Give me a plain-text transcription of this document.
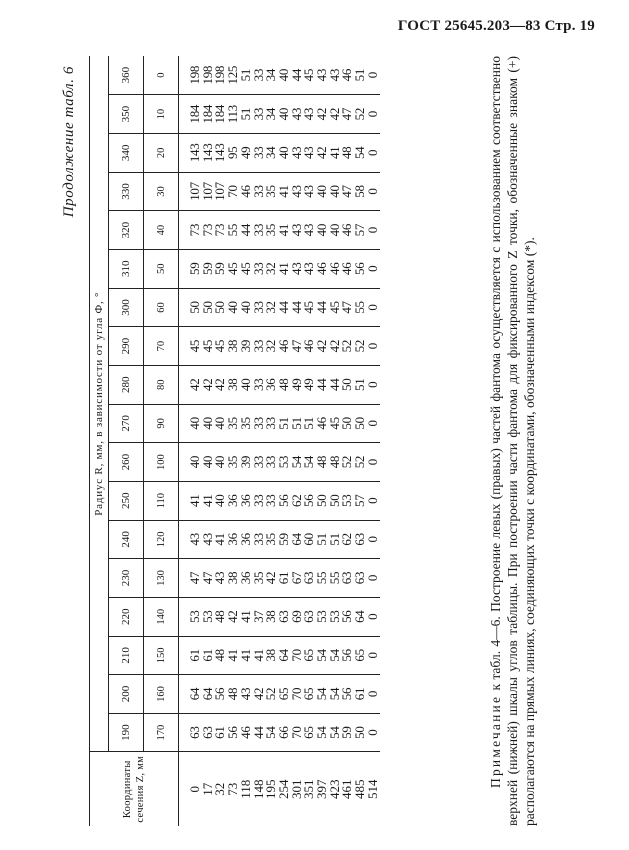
ГОСТ 25645.203—83 Стр. 19
Продолжение табл. 6
Координаты сечения Z, мм	Радиус R, мм, в зависимости от угла Ф, °																	
	190	200	210	220	230	240	250	260	270	280	290	300	310	320	330	340	350	360
	170	160	150	140	130	120	110	100	90	80	70	60	50	40	30	20	10	0
0	63	64	61	53	47	43	41	40	40	42	45	50	59	73	107	143	184	198
17	63	64	61	53	47	43	41	40	40	42	45	50	59	73	107	143	184	198
32	61	56	48	48	43	41	40	40	40	42	45	50	59	73	107	143	184	198
73	56	48	41	42	38	36	36	35	35	38	38	40	45	55	70	95	113	125
118	46	43	41	41	36	36	36	39	35	40	39	40	45	44	46	49	51	51
148	44	42	41	37	35	33	33	33	33	33	33	33	33	33	33	33	33	33
195	54	52	38	38	42	35	33	33	33	36	32	32	32	35	35	34	34	34
254	66	65	64	63	61	59	56	53	51	48	46	44	41	41	41	40	40	40
301	70	70	70	69	67	64	62	54	51	49	47	44	43	43	43	43	43	44
351	65	65	65	63	63	60	56	54	51	49	46	45	43	43	43	43	43	45
397	54	54	54	53	55	51	50	48	46	44	42	44	46	40	40	42	42	43
423	54	54	54	53	55	51	50	48	45	44	42	45	46	40	40	41	42	43
461	59	56	56	56	63	62	53	52	50	50	52	47	46	46	47	48	47	46
485	50	61	65	64	63	63	57	52	50	51	52	55	56	57	58	54	52	51
514	0	0	0	0	0	0	0	0	0	0	0	0	0	0	0	0	0	0

Примечание к табл. 4—6. Построение левых (правых) частей фантома осуществляется с использованием соответственно верхней (нижней) шкалы углов таблицы. При построении части фантома для фиксированного Z точки, обозначенные знаком (+) располагаются на прямых линиях, соединяющих точки с координатами, обозначенными индексом (*).
